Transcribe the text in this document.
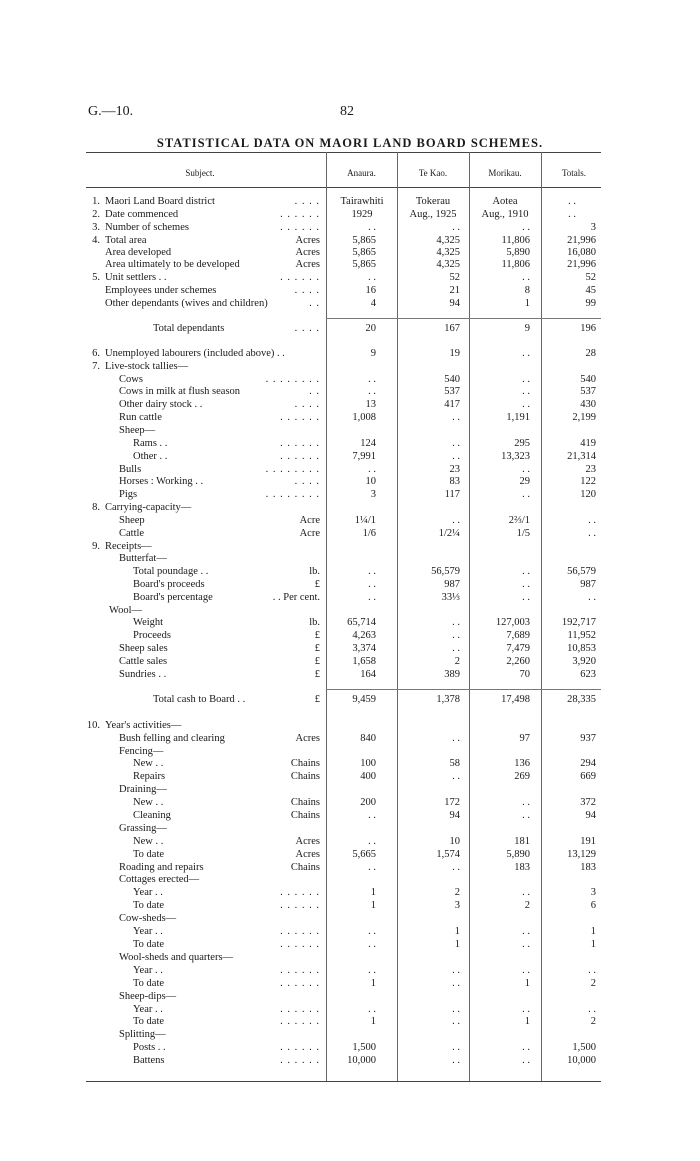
G.—10.	82
STATISTICAL DATA ON MAORI LAND BOARD SCHEMES.
Subject.	Anaura.	Te Kao.	Morikau.	Totals.
1. Maori Land Board district	. . . .	Tairawhiti	Tokerau	Aotea	. .
2. Date commenced	. . . . . .	1929	Aug., 1925	Aug., 1910	. .
3. Number of schemes	. . . . . .	. .	. .	. .	3
4. Total area	Acres	5,865	4,325	11,806	21,996
Area developed	Acres	5,865	4,325	5,890	16,080
Area ultimately to be developed	Acres	5,865	4,325	11,806	21,996
5. Unit settlers . .	. . . . . .	. .	52	. .	52
Employees under schemes	. . . .	16	21	8	45
Other dependants (wives and children)	. .	4	94	1	99
Total dependants	. . . .	20	167	9	196
6. Unemployed labourers (included above) . .	9	19	. .	28
7. Live-stock tallies—
Cows	. . . . . . . .	. .	540	. .	540
Cows in milk at flush season	. .	. .	537	. .	537
Other dairy stock . .	. . . .	13	417	. .	430
Run cattle	. . . . . .	1,008	. .	1,191	2,199
Sheep—
Rams . .	. . . . . .	124	. .	295	419
Other . .	. . . . . .	7,991	. .	13,323	21,314
Bulls	. . . . . . . .	. .	23	. .	23
Horses : Working . .	. . . .	10	83	29	122
Pigs	. . . . . . . .	3	117	. .	120
8. Carrying-capacity—
Sheep	Acre	1¼/1	. .	2⅔/1	. .
Cattle	Acre	1/6	1/2¼	1/5	. .
9. Receipts—
Butterfat—
Total poundage . .	lb.	. .	56,579	. .	56,579
Board's proceeds	£	. .	987	. .	987
Board's percentage	. . Per cent.	. .	33⅓	. .	. .
Wool—
Weight	lb.	65,714	. .	127,003	192,717
Proceeds	£	4,263	. .	7,689	11,952
Sheep sales	£	3,374	. .	7,479	10,853
Cattle sales	£	1,658	2	2,260	3,920
Sundries . .	£	164	389	70	623
Total cash to Board . .	£	9,459	1,378	17,498	28,335
10. Year's activities—
Bush felling and clearing	Acres	840	. .	97	937
Fencing—
New . .	Chains	100	58	136	294
Repairs	Chains	400	. .	269	669
Draining—
New . .	Chains	200	172	. .	372
Cleaning	Chains	. .	94	. .	94
Grassing—
New . .	Acres	. .	10	181	191
To date	Acres	5,665	1,574	5,890	13,129
Roading and repairs	Chains	. .	. .	183	183
Cottages erected—
Year . .	. . . . . .	1	2	. .	3
To date	. . . . . .	1	3	2	6
Cow-sheds—
Year . .	. . . . . .	. .	1	. .	1
To date	. . . . . .	. .	1	. .	1
Wool-sheds and quarters—
Year . .	. . . . . .	. .	. .	. .	. .
To date	. . . . . .	1	. .	1	2
Sheep-dips—
Year . .	. . . . . .	. .	. .	. .	. .
To date	. . . . . .	1	. .	1	2
Splitting—
Posts . .	. . . . . .	1,500	. .	. .	1,500
Battens	. . . . . .	10,000	. .	. .	10,000
